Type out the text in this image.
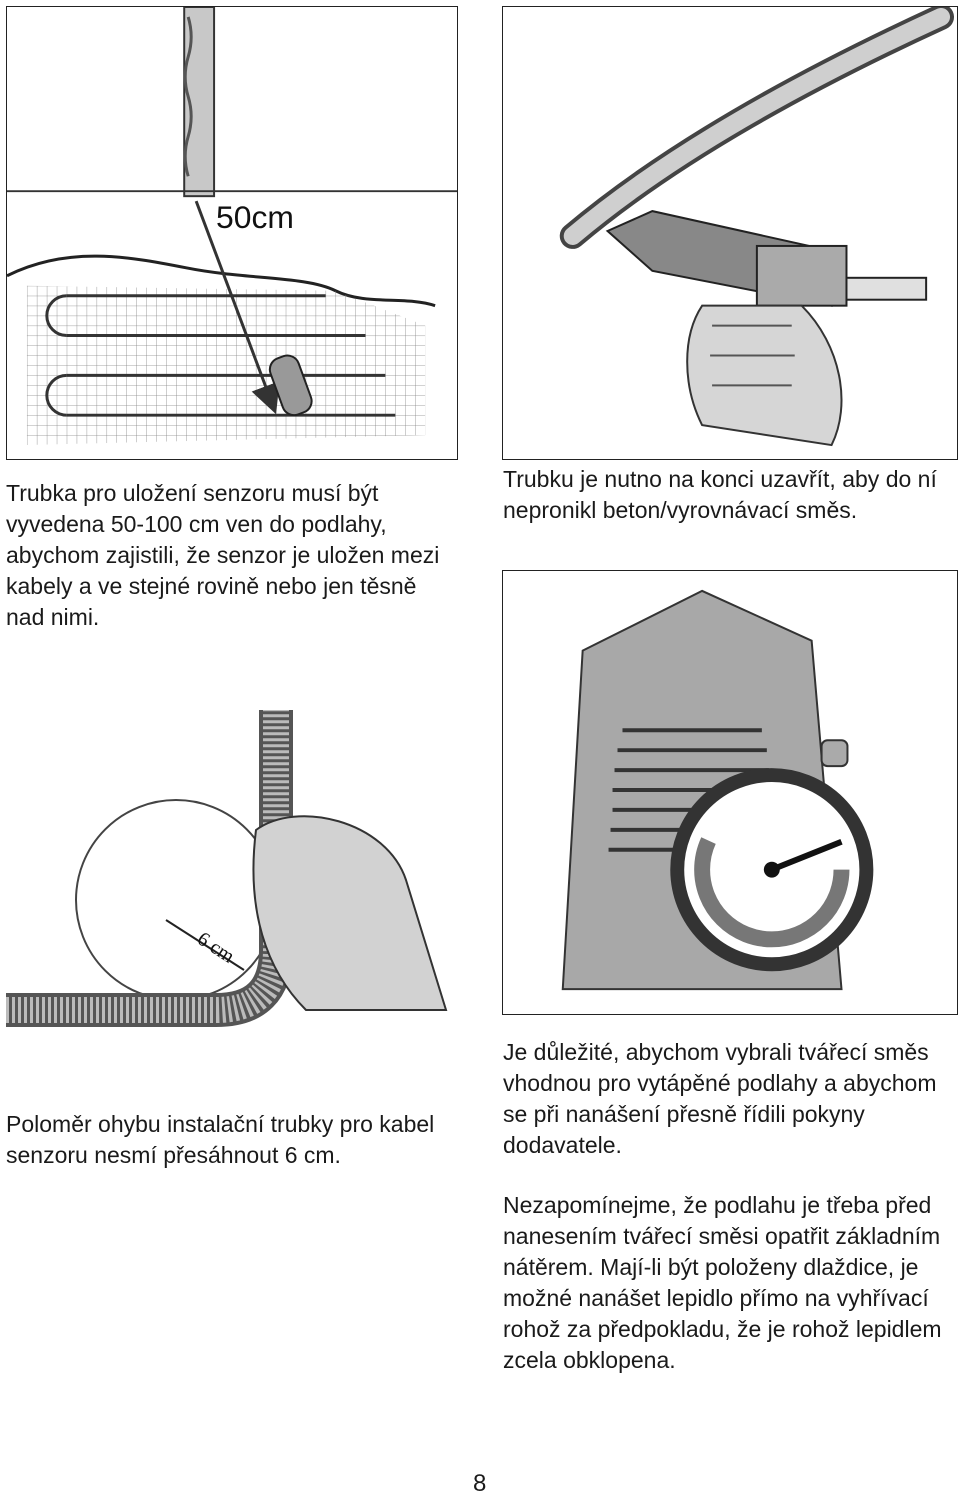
50cm

Trubka pro uložení senzoru musí být vyvedena 50-100 cm ven do podlahy, abychom zajistili, že senzor je uložen mezi kabely a ve stejné rovině nebo jen těsně nad nimi.

Trubku je nutno na konci uzavřít, aby do ní nepronikl beton/vyrovnávací směs.

6 cm

Poloměr ohybu instalační trubky pro kabel senzoru nesmí přesáhnout 6 cm.

Je důležité, abychom vybrali tvářecí směs vhodnou pro vytápěné podlahy a abychom se při nanášení přesně řídili pokyny dodavatele.

Nezapomínejme, že podlahu je třeba před nanesením tvářecí směsi opatřit základním nátěrem. Mají-li být položeny dlaždice, je možné nanášet lepidlo přímo na vyhřívací rohož za předpokladu, že je rohož lepidlem zcela obklopena.

8
